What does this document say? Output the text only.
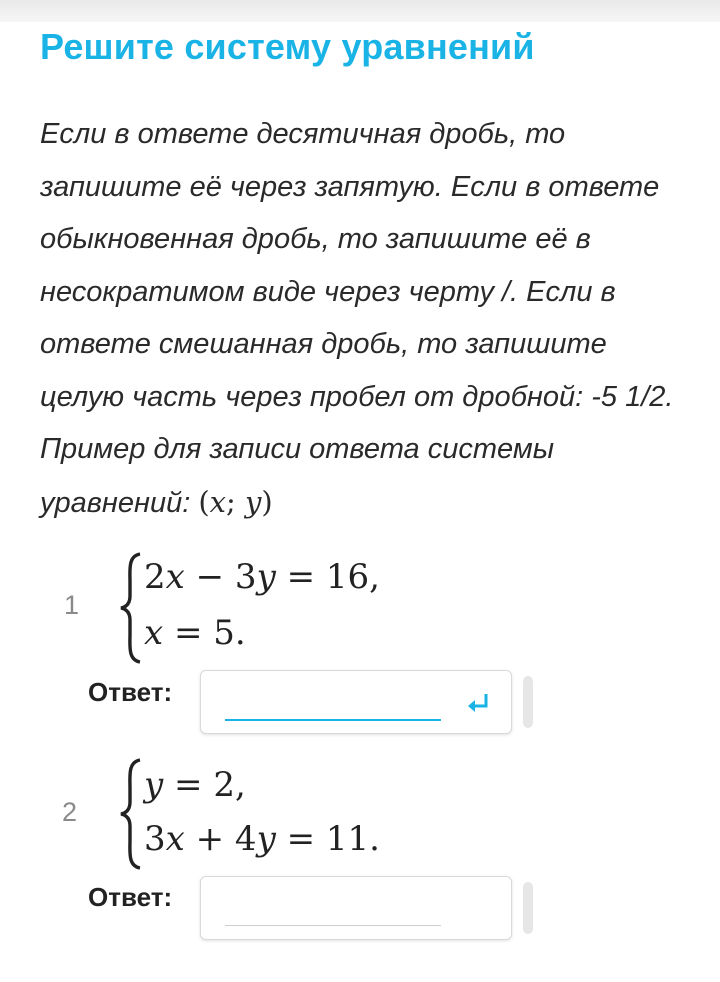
Решите систему уравнений
Если в ответе десятичная дробь, то запишите её через запятую. Если в ответе обыкновенная дробь, то запишите её в несократимом виде через черту /. Если в ответе смешанная дробь, то запишите целую часть через пробел от дробной: -5 1/2. Пример для записи ответа системы уравнений: (x; y)
1
2x − 3y = 16,
x = 5.
Ответ:
2
y = 2,
3x + 4y = 11.
Ответ:
